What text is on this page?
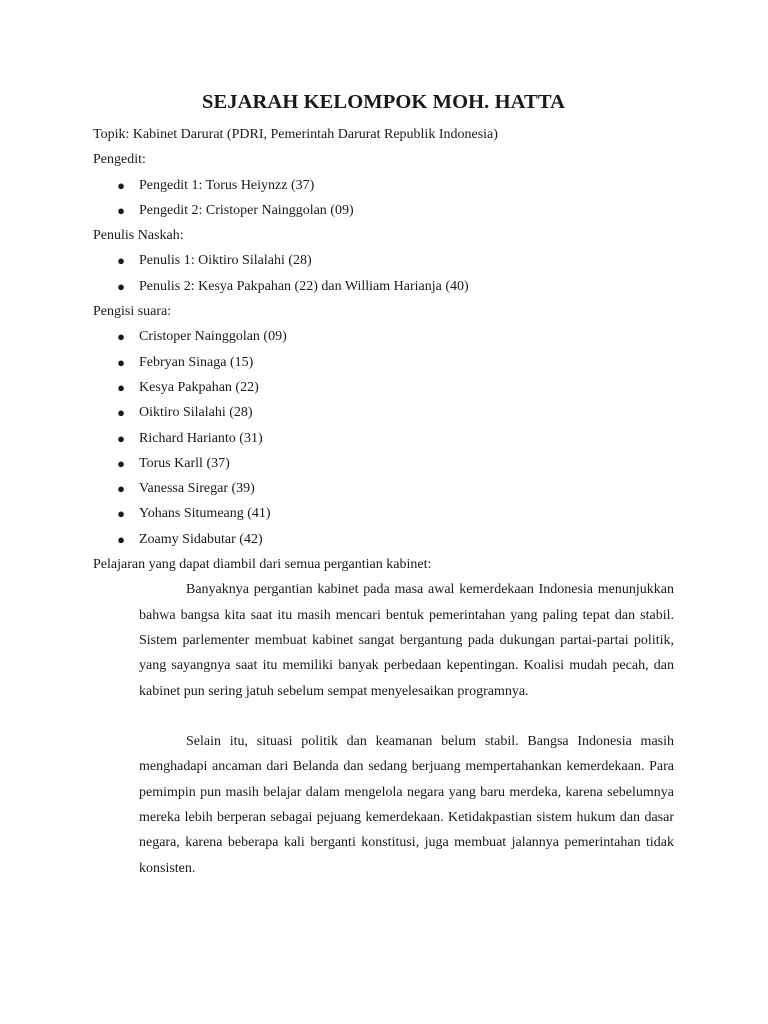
SEJARAH KELOMPOK MOH. HATTA

Topik: Kabinet Darurat (PDRI, Pemerintah Darurat Republik Indonesia)

Pengedit:

● Pengedit 1: Torus Heiynzz (37)
● Pengedit 2: Cristoper Nainggolan (09)

Penulis Naskah:

● Penulis 1: Oiktiro Silalahi (28)
● Penulis 2: Kesya Pakpahan (22) dan William Harianja (40)

Pengisi suara:

● Cristoper Nainggolan (09)
● Febryan Sinaga (15)
● Kesya Pakpahan (22)
● Oiktiro Silalahi (28)
● Richard Harianto (31)
● Torus Karll (37)
● Vanessa Siregar (39)
● Yohans Situmeang (41)
● Zoamy Sidabutar (42)

Pelajaran yang dapat diambil dari semua pergantian kabinet:

Banyaknya pergantian kabinet pada masa awal kemerdekaan Indonesia menunjukkan bahwa bangsa kita saat itu masih mencari bentuk pemerintahan yang paling tepat dan stabil. Sistem parlementer membuat kabinet sangat bergantung pada dukungan partai-partai politik, yang sayangnya saat itu memiliki banyak perbedaan kepentingan. Koalisi mudah pecah, dan kabinet pun sering jatuh sebelum sempat menyelesaikan programnya.

Selain itu, situasi politik dan keamanan belum stabil. Bangsa Indonesia masih menghadapi ancaman dari Belanda dan sedang berjuang mempertahankan kemerdekaan. Para pemimpin pun masih belajar dalam mengelola negara yang baru merdeka, karena sebelumnya mereka lebih berperan sebagai pejuang kemerdekaan. Ketidakpastian sistem hukum dan dasar negara, karena beberapa kali berganti konstitusi, juga membuat jalannya pemerintahan tidak konsisten.
